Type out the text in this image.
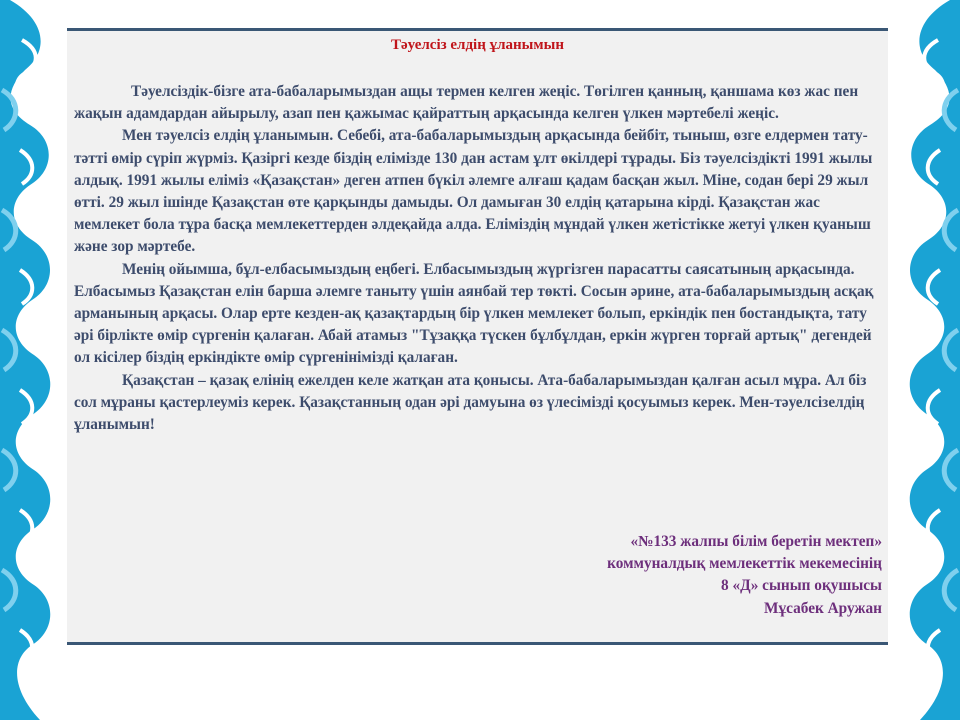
Тәуелсіз елдің ұланымын

Тәуелсіздік-бізге ата-бабаларымыздан ащы термен келген жеңіс. Төгілген қанның, қаншама көз жас пен жақын адамдардан айырылу, азап пен қажымас қайраттың арқасында келген үлкен мәртебелі жеңіс.

Мен тәуелсіз елдің ұланымын. Себебі, ата-бабаларымыздың арқасында бейбіт, тыныш, өзге елдермен тату-тәтті өмір сүріп жүрміз. Қазіргі кезде біздің елімізде 130 дан астам ұлт өкілдері тұрады. Біз тәуелсіздікті 1991 жылы алдық. 1991 жылы еліміз «Қазақстан» деген атпен бүкіл әлемге алғаш қадам басқан жыл. Міне, содан бері 29 жыл өтті. 29 жыл ішінде Қазақстан өте қарқынды дамыды. Ол дамыған 30 елдің қатарына кірді. Қазақстан жас мемлекет бола тұра басқа мемлекеттерден әлдеқайда алда. Еліміздің мұндай үлкен жетістікке жетуі үлкен қуаныш және зор мәртебе.

Менің ойымша, бұл-елбасымыздың еңбегі. Елбасымыздың жүргізген парасатты саясатының арқасында. Елбасымыз Қазақстан елін барша әлемге таныту үшін аянбай тер төкті. Сосын әрине, ата-бабаларымыздың асқақ арманының арқасы. Олар ерте кезден-ақ қазақтардың бір үлкен мемлекет болып, еркіндік пен бостандықта, тату әрі бірлікте өмір сүргенін қалаған. Абай атамыз "Тұзаққа түскен бұлбұлдан, еркін жүрген торғай артық" дегендей ол кісілер біздің еркіндікте өмір сүргенінімізді қалаған.

Қазақстан – қазақ елінің ежелден келе жатқан ата қонысы. Ата-бабаларымыздан қалған асыл мұра. Ал біз сол мұраны қастерлеуміз керек. Қазақстанның одан әрі дамуына өз үлесімізді қосуымыз керек. Мен-тәуелсізелдің ұланымын!

«№133 жалпы білім беретін мектеп»
коммуналдық мемлекеттік мекемесінің
8 «Д» сынып оқушысы
Мұсабек Аружан
